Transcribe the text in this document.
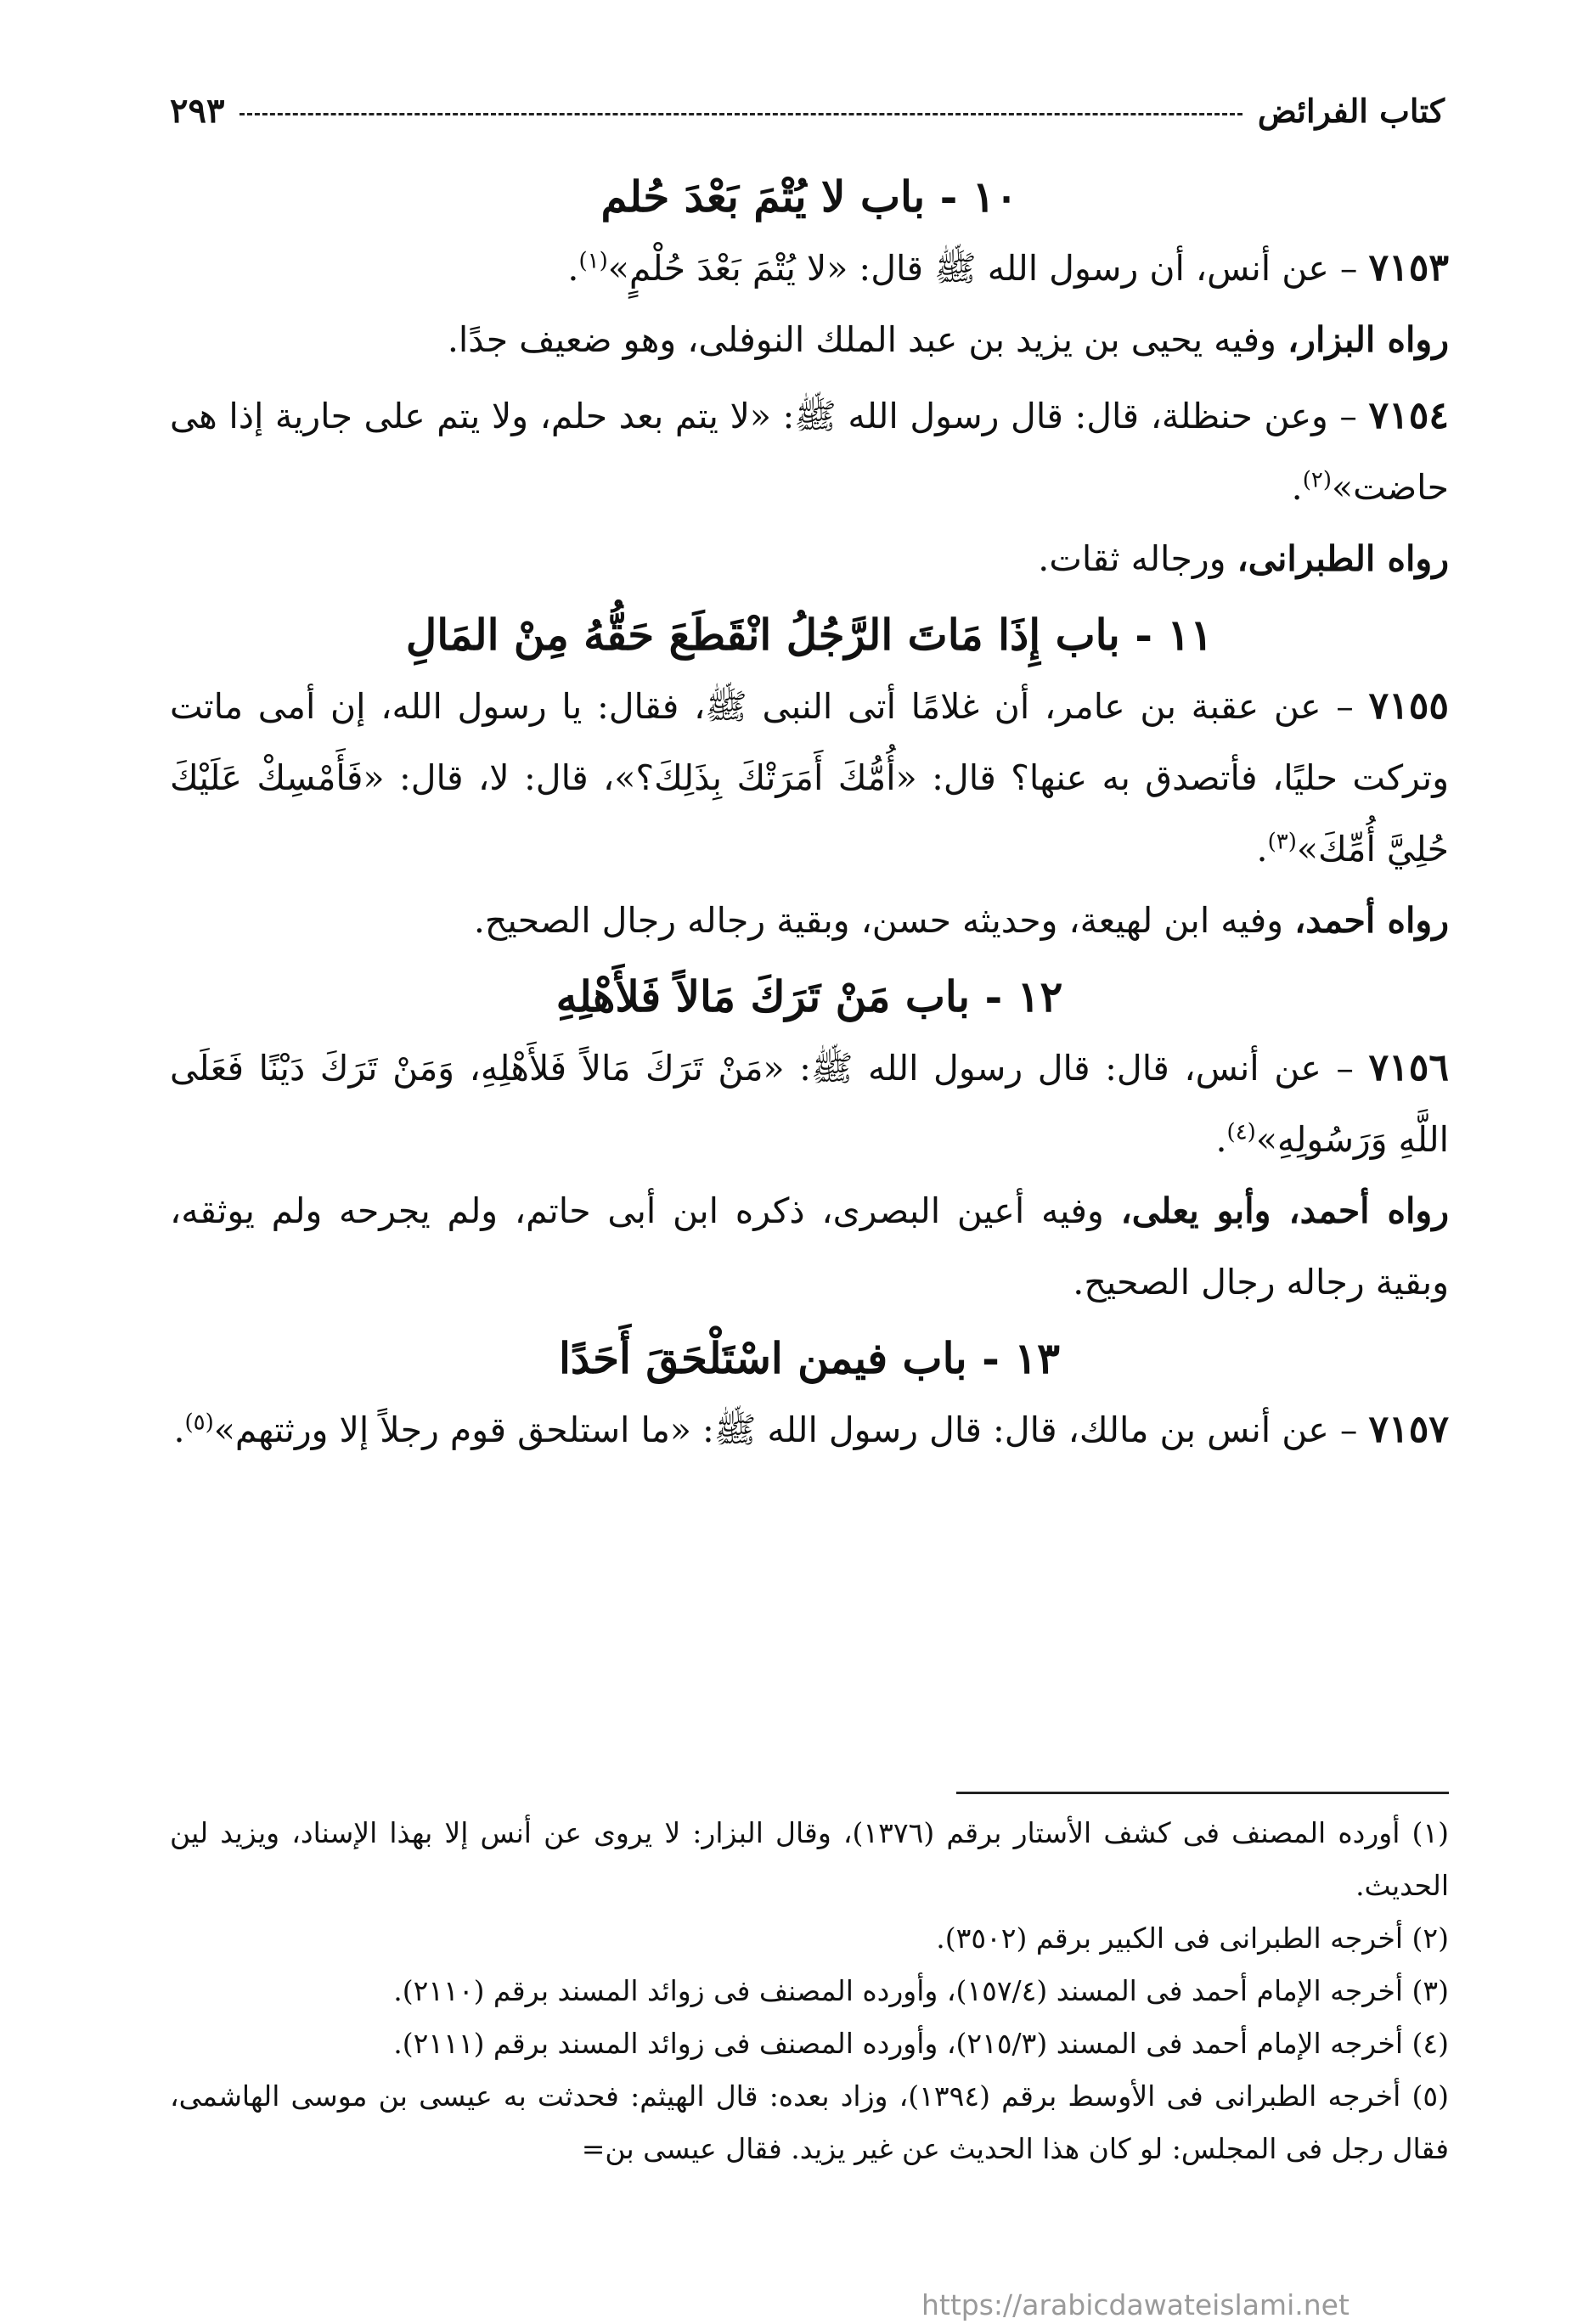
كتاب الفرائض
٢٩٣
١٠ - باب لا يُتْمَ بَعْدَ حُلم

٧١٥٣ – عن أنس، أن رسول الله ﷺ قال: «لا يُتْمَ بَعْدَ حُلْمٍ»$^{(١)}$.

رواه البزار، وفيه يحيى بن يزيد بن عبد الملك النوفلى، وهو ضعيف جدًا.

٧١٥٤ – وعن حنظلة، قال: قال رسول الله ﷺ: «لا يتم بعد حلم، ولا يتم على جارية إذا هى حاضت»$^{(٢)}$.

رواه الطبرانى، ورجاله ثقات.

١١ - باب إِذَا مَاتَ الرَّجُلُ انْقَطَعَ حَقُّهُ مِنْ المَالِ

٧١٥٥ – عن عقبة بن عامر، أن غلامًا أتى النبى ﷺ، فقال: يا رسول الله، إن أمى ماتت وتركت حليًا، فأتصدق به عنها؟ قال: «أُمُّكَ أَمَرَتْكَ بِذَلِكَ؟»، قال: لا، قال: «فَأَمْسِكْ عَلَيْكَ حُلِيَّ أُمِّكَ»$^{(٣)}$.

رواه أحمد، وفيه ابن لهيعة، وحديثه حسن، وبقية رجاله رجال الصحيح.

١٢ - باب مَنْ تَرَكَ مَالاً فَلأَهْلِهِ

٧١٥٦ – عن أنس، قال: قال رسول الله ﷺ: «مَنْ تَرَكَ مَالاً فَلأَهْلِهِ، وَمَنْ تَرَكَ دَيْنًا فَعَلَى اللَّهِ وَرَسُولِهِ»$^{(٤)}$.

رواه أحمد، وأبو يعلى، وفيه أعين البصرى، ذكره ابن أبى حاتم، ولم يجرحه ولم يوثقه، وبقية رجاله رجال الصحيح.

١٣ - باب فيمن اسْتَلْحَقَ أَحَدًا

٧١٥٧ – عن أنس بن مالك، قال: قال رسول الله ﷺ: «ما استلحق قوم رجلاً إلا ورثتهم»$^{(٥)}$.

(١) أورده المصنف فى كشف الأستار برقم (١٣٧٦)، وقال البزار: لا يروى عن أنس إلا بهذا الإسناد، ويزيد لين الحديث.

(٢) أخرجه الطبرانى فى الكبير برقم (٣٥٠٢).

(٣) أخرجه الإمام أحمد فى المسند (١٥٧/٤)، وأورده المصنف فى زوائد المسند برقم (٢١١٠).

(٤) أخرجه الإمام أحمد فى المسند (٢١٥/٣)، وأورده المصنف فى زوائد المسند برقم (٢١١١).

(٥) أخرجه الطبرانى فى الأوسط برقم (١٣٩٤)، وزاد بعده: قال الهيثم: فحدثت به عيسى بن موسى الهاشمى، فقال رجل فى المجلس: لو كان هذا الحديث عن غير يزيد. فقال عيسى بن=

https://arabicdawateislami.net
